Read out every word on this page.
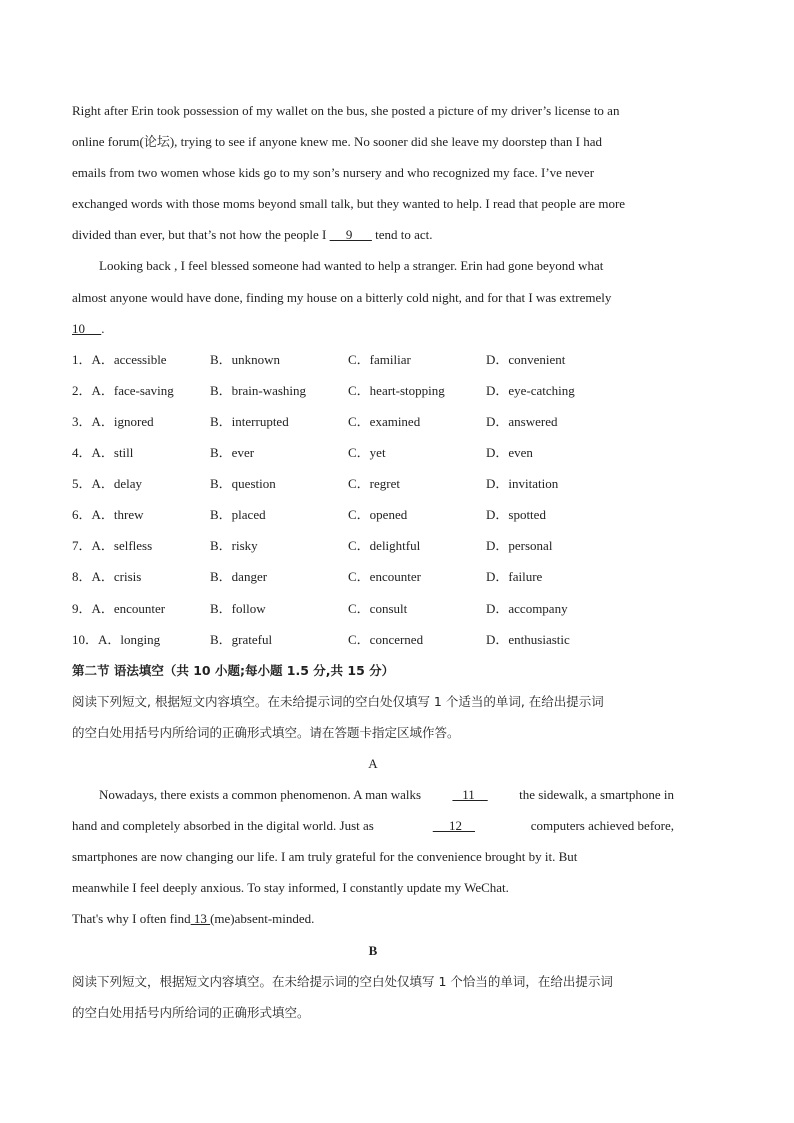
Right after Erin took possession of my wallet on the bus, she posted a picture of my driver’s license to an
online forum(论坛), trying to see if anyone knew me. No sooner did she leave my doorstep than I had
emails from two women whose kids go to my son’s nursery and who recognized my face. I’ve never
exchanged words with those moms beyond small talk, but they wanted to help. I read that people are more
divided than ever, but that’s not how the people I 9 tend to act.
Looking back , I feel blessed someone had wanted to help a stranger. Erin had gone beyond what
almost anyone would have done, finding my house on a bitterly cold night, and for that I was extremely
10 .
1．A．accessible	B．unknown	C．familiar	D．convenient
2．A．face-saving	B．brain-washing	C．heart-stopping	D．eye-catching
3．A．ignored	B．interrupted	C．examined	D．answered
4．A．still	B．ever	C．yet	D．even
5．A．delay	B．question	C．regret	D．invitation
6．A．threw	B．placed	C．opened	D．spotted
7．A．selfless	B．risky	C．delightful	D．personal
8．A．crisis	B．danger	C．encounter	D．failure
9．A．encounter	B．follow	C．consult	D．accompany
10．A．longing	B．grateful	C．concerned	D．enthusiastic
第二节 语法填空（共 10 小题;每小题 1.5 分,共 15 分）
阅读下列短文, 根据短文内容填空。在未给提示词的空白处仅填写 1 个适当的单词, 在给出提示词
的空白处用括号内所给词的正确形式填空。请在答题卡指定区域作答。
A
Nowadays, there exists a common phenomenon. A man walks 11 the sidewalk, a smartphone in
hand and completely absorbed in the digital world. Just as	12	computers achieved before,
smartphones are now changing our life. I am truly grateful for the convenience brought by it. But
meanwhile I feel deeply anxious. To stay informed, I constantly update my WeChat.
That's why I often find 13 (me)absent-minded.
B
阅读下列短文，根据短文内容填空。在未给提示词的空白处仅填写 1 个恰当的单词，在给出提示词
的空白处用括号内所给词的正确形式填空。
